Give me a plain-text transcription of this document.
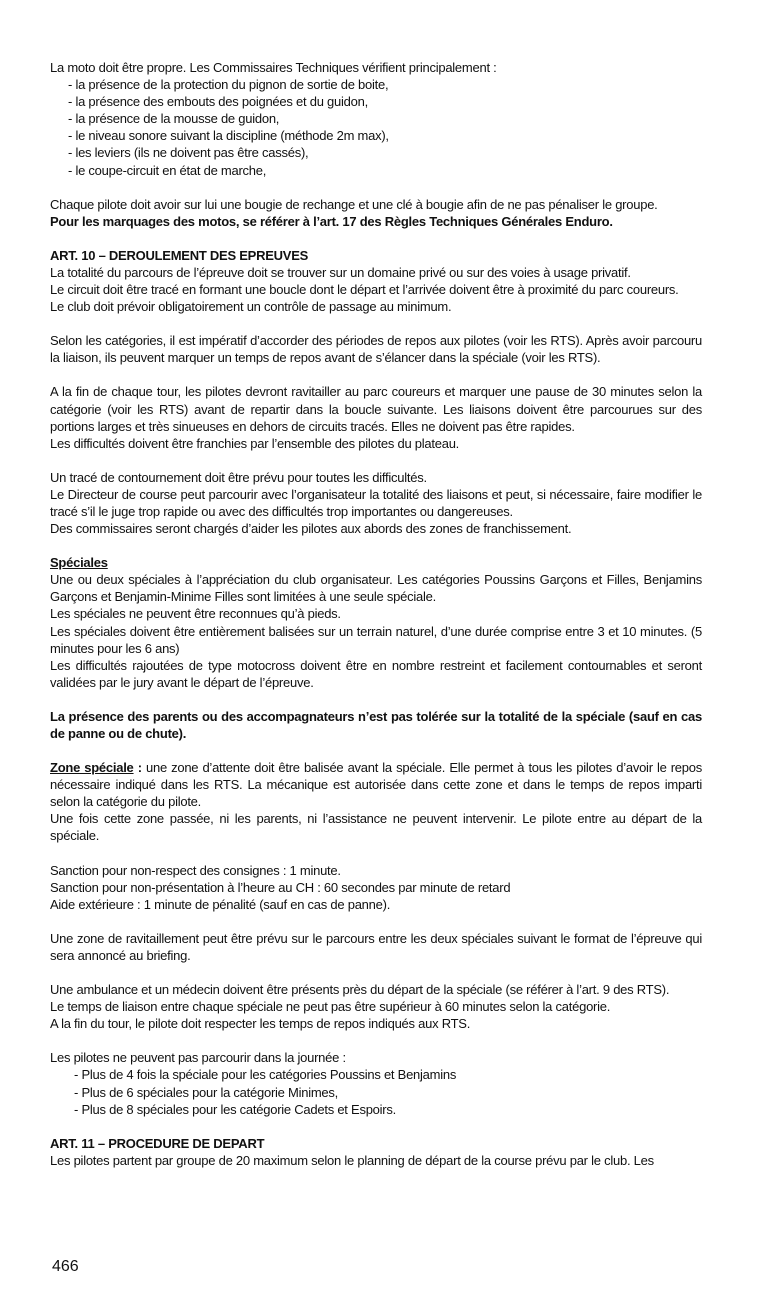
La moto doit être propre. Les Commissaires Techniques vérifient principalement :

- la présence de la protection du pignon de sortie de boite,

- la présence des embouts des poignées et du guidon,

- la présence de la mousse de guidon,

- le niveau sonore suivant la discipline (méthode 2m max),

- les leviers (ils ne doivent pas être cassés),

- le coupe-circuit en état de marche,

Chaque pilote doit avoir sur lui une bougie de rechange et une clé à bougie afin de ne pas pénaliser le groupe.

Pour les marquages des motos, se référer à l’art. 17 des Règles Techniques Générales Enduro.

ART. 10 – DEROULEMENT DES EPREUVES

La totalité du parcours de l’épreuve doit se trouver sur un domaine privé ou sur des voies à usage privatif.

Le circuit doit être tracé en formant une boucle dont le départ et l’arrivée doivent être à proximité du parc coureurs.

Le club doit prévoir obligatoirement un contrôle de passage au minimum.

Selon les catégories, il est impératif d’accorder des périodes de repos aux pilotes (voir les RTS). Après avoir parcouru la liaison, ils peuvent marquer un temps de repos avant de s’élancer dans la spéciale (voir les RTS).

A la fin de chaque tour, les pilotes devront ravitailler au parc coureurs et marquer une pause de 30 minutes selon la catégorie (voir les RTS) avant de repartir dans la boucle suivante. Les liaisons doivent être parcourues sur des portions larges et très sinueuses en dehors de circuits tracés. Elles ne doivent pas être rapides.

Les difficultés doivent être franchies par l’ensemble des pilotes du plateau.

Un tracé de contournement doit être prévu pour toutes les difficultés.

Le Directeur de course peut parcourir avec l’organisateur la totalité des liaisons et peut, si nécessaire, faire modifier le tracé s’il le juge trop rapide ou avec des difficultés trop importantes ou dangereuses.

Des commissaires seront chargés d’aider les pilotes aux abords des zones de franchissement.

Spéciales

Une ou deux spéciales à l’appréciation du club organisateur. Les catégories Poussins Garçons et Filles, Benjamins Garçons et Benjamin-Minime Filles sont limitées à une seule spéciale.

Les spéciales ne peuvent être reconnues qu’à pieds.

Les spéciales doivent être entièrement balisées sur un terrain naturel, d’une durée comprise entre 3 et 10 minutes. (5 minutes pour les 6 ans)

Les difficultés rajoutées de type motocross doivent être en nombre restreint et facilement contournables et seront validées par le jury avant le départ de l’épreuve.

La présence des parents ou des accompagnateurs n’est pas tolérée sur la totalité de la spéciale (sauf en cas de panne ou de chute).

Zone spéciale : une zone d’attente doit être balisée avant la spéciale. Elle permet à tous les pilotes d’avoir le repos nécessaire indiqué dans les RTS. La mécanique est autorisée dans cette zone et dans le temps de repos imparti selon la catégorie du pilote.

Une fois cette zone passée, ni les parents, ni l’assistance ne peuvent intervenir. Le pilote entre au départ de la spéciale.

Sanction pour non-respect des consignes : 1 minute.

Sanction pour non-présentation à l’heure au CH : 60 secondes par minute de retard

Aide extérieure : 1 minute de pénalité (sauf en cas de panne).

Une zone de ravitaillement peut être prévu sur le parcours entre les deux spéciales suivant le format de l’épreuve qui sera annoncé au briefing.

Une ambulance et un médecin doivent être présents près du départ de la spéciale (se référer à l’art. 9 des RTS).

Le temps de liaison entre chaque spéciale ne peut pas être supérieur à 60 minutes selon la catégorie.

A la fin du tour, le pilote doit respecter les temps de repos indiqués aux RTS.

Les pilotes ne peuvent pas parcourir dans la journée :

- Plus de 4 fois la spéciale pour les catégories Poussins et Benjamins

- Plus de 6 spéciales pour la catégorie Minimes,

- Plus de 8 spéciales pour les catégorie Cadets et Espoirs.

ART. 11 – PROCEDURE DE DEPART

Les pilotes partent par groupe de 20 maximum selon le planning de départ de la course prévu par le club. Les

466
